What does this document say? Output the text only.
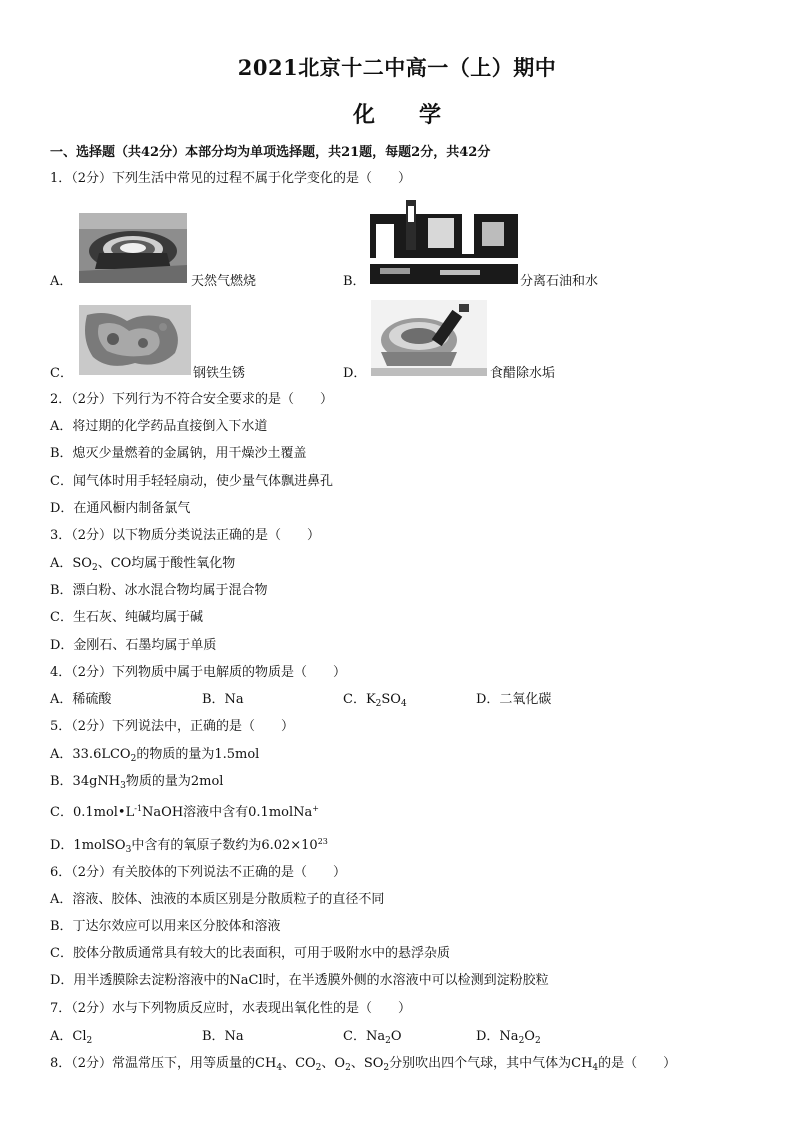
2021北京十二中高一（上）期中
化 学
一、选择题（共42分）本部分均为单项选择题，共21题，每题2分，共42分
1．（2分）下列生活中常见的过程不属于化学变化的是（　　）
A．	天然气燃烧	B．	分离石油和水
C．	钢铁生锈	D．	食醋除水垢
2．（2分）下列行为不符合安全要求的是（　　）
A．将过期的化学药品直接倒入下水道
B．熄灭少量燃着的金属钠，用干燥沙土覆盖
C．闻气体时用手轻轻扇动，使少量气体飘进鼻孔
D．在通风橱内制备氯气
3．（2分）以下物质分类说法正确的是（　　）
A．$SO_2$、CO均属于酸性氧化物
B．漂白粉、冰水混合物均属于混合物
C．生石灰、纯碱均属于碱
D．金刚石、石墨均属于单质
4．（2分）下列物质中属于电解质的物质是（　　）
A．稀硫酸	B．Na	C．$K_2SO_4$	D．二氧化碳
5．（2分）下列说法中，正确的是（　　）
A．$33.6LCO_2$的物质的量为1.5mol
B．34gNH$_3$物质的量为2mol
C．$0.1mol•L^{-1}NaOH$溶液中含有0.1molNa+
D．1molSO$_3$中含有的氧原子数约为$6.02\times 10^{23}$
6．（2分）有关胶体的下列说法不正确的是（　　）
A．溶液、胶体、浊液的本质区别是分散质粒子的直径不同
B．丁达尔效应可以用来区分胶体和溶液
C．胶体分散质通常具有较大的比表面积，可用于吸附水中的悬浮杂质
D．用半透膜除去淀粉溶液中的NaCl时，在半透膜外侧的水溶液中可以检测到淀粉胶粒
7．（2分）水与下列物质反应时，水表现出氧化性的是（　　）
A．$Cl_2$	B．Na	C．$Na_2O$	D．$Na_2O_2$
8．（2分）常温常压下，用等质量的$CH_4$、$CO_2$、$O_2$、$SO_2$分别吹出四个气球，其中气体为$CH_4$的是（　　）
